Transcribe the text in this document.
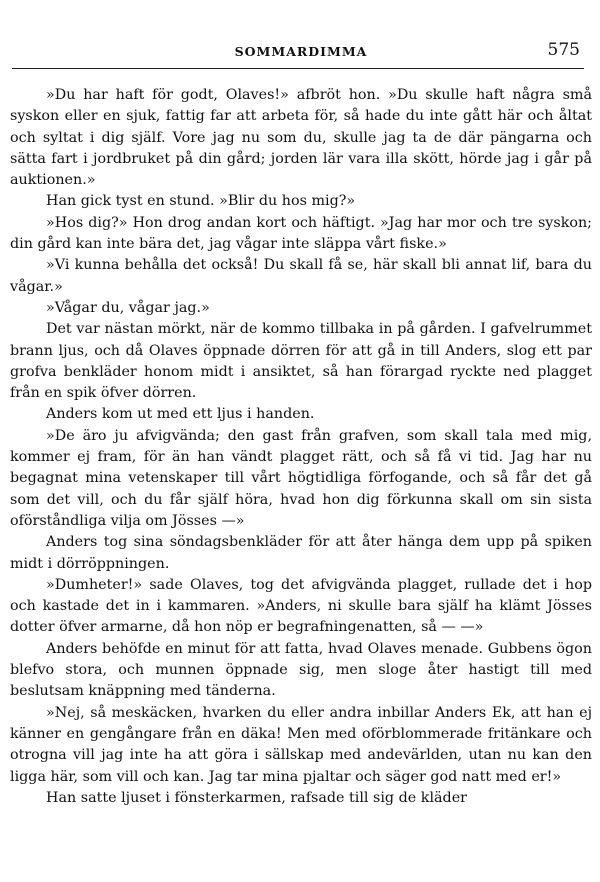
SOMMARDIMMA	575

»Du har haft för godt, Olaves!» afbröt hon. »Du skulle haft några små syskon eller en sjuk, fattig far att arbeta för, så hade du inte gått här och åltat och syltat i dig själf. Vore jag nu som du, skulle jag ta de där pängarna och sätta fart i jordbruket på din gård; jorden lär vara illa skött, hörde jag i går på auktionen.»

Han gick tyst en stund. »Blir du hos mig?»

»Hos dig?» Hon drog andan kort och häftigt. »Jag har mor och tre syskon; din gård kan inte bära det, jag vågar inte släppa vårt fiske.»

»Vi kunna behålla det också! Du skall få se, här skall bli annat lif, bara du vågar.»

»Vågar du, vågar jag.»

Det var nästan mörkt, när de kommo tillbaka in på gården. I gafvelrummet brann ljus, och då Olaves öppnade dörren för att gå in till Anders, slog ett par grofva benkläder honom midt i ansiktet, så han förargad ryckte ned plagget från en spik öfver dörren.

Anders kom ut med ett ljus i handen.

»De äro ju afvigvända; den gast från grafven, som skall tala med mig, kommer ej fram, för än han vändt plagget rätt, och så få vi tid. Jag har nu begagnat mina vetenskaper till vårt högtidliga förfogande, och så får det gå som det vill, och du får själf höra, hvad hon dig förkunna skall om sin sista oförståndliga vilja om Jösses —»

Anders tog sina söndagsbenkläder för att åter hänga dem upp på spiken midt i dörröppningen.

»Dumheter!» sade Olaves, tog det afvigvända plagget, rullade det i hop och kastade det in i kammaren. »Anders, ni skulle bara själf ha klämt Jösses dotter öfver armarne, då hon nöp er begrafningenatten, så — —»

Anders behöfde en minut för att fatta, hvad Olaves menade. Gubbens ögon blefvo stora, och munnen öppnade sig, men sloge åter hastigt till med beslutsam knäppning med tänderna.

»Nej, så meskäcken, hvarken du eller andra inbillar Anders Ek, att han ej känner en gengångare från en däka! Men med oförblommerade fritänkare och otrogna vill jag inte ha att göra i sällskap med andevärlden, utan nu kan den ligga här, som vill och kan. Jag tar mina pjaltar och säger god natt med er!»

Han satte ljuset i fönsterkarmen, rafsade till sig de kläder
